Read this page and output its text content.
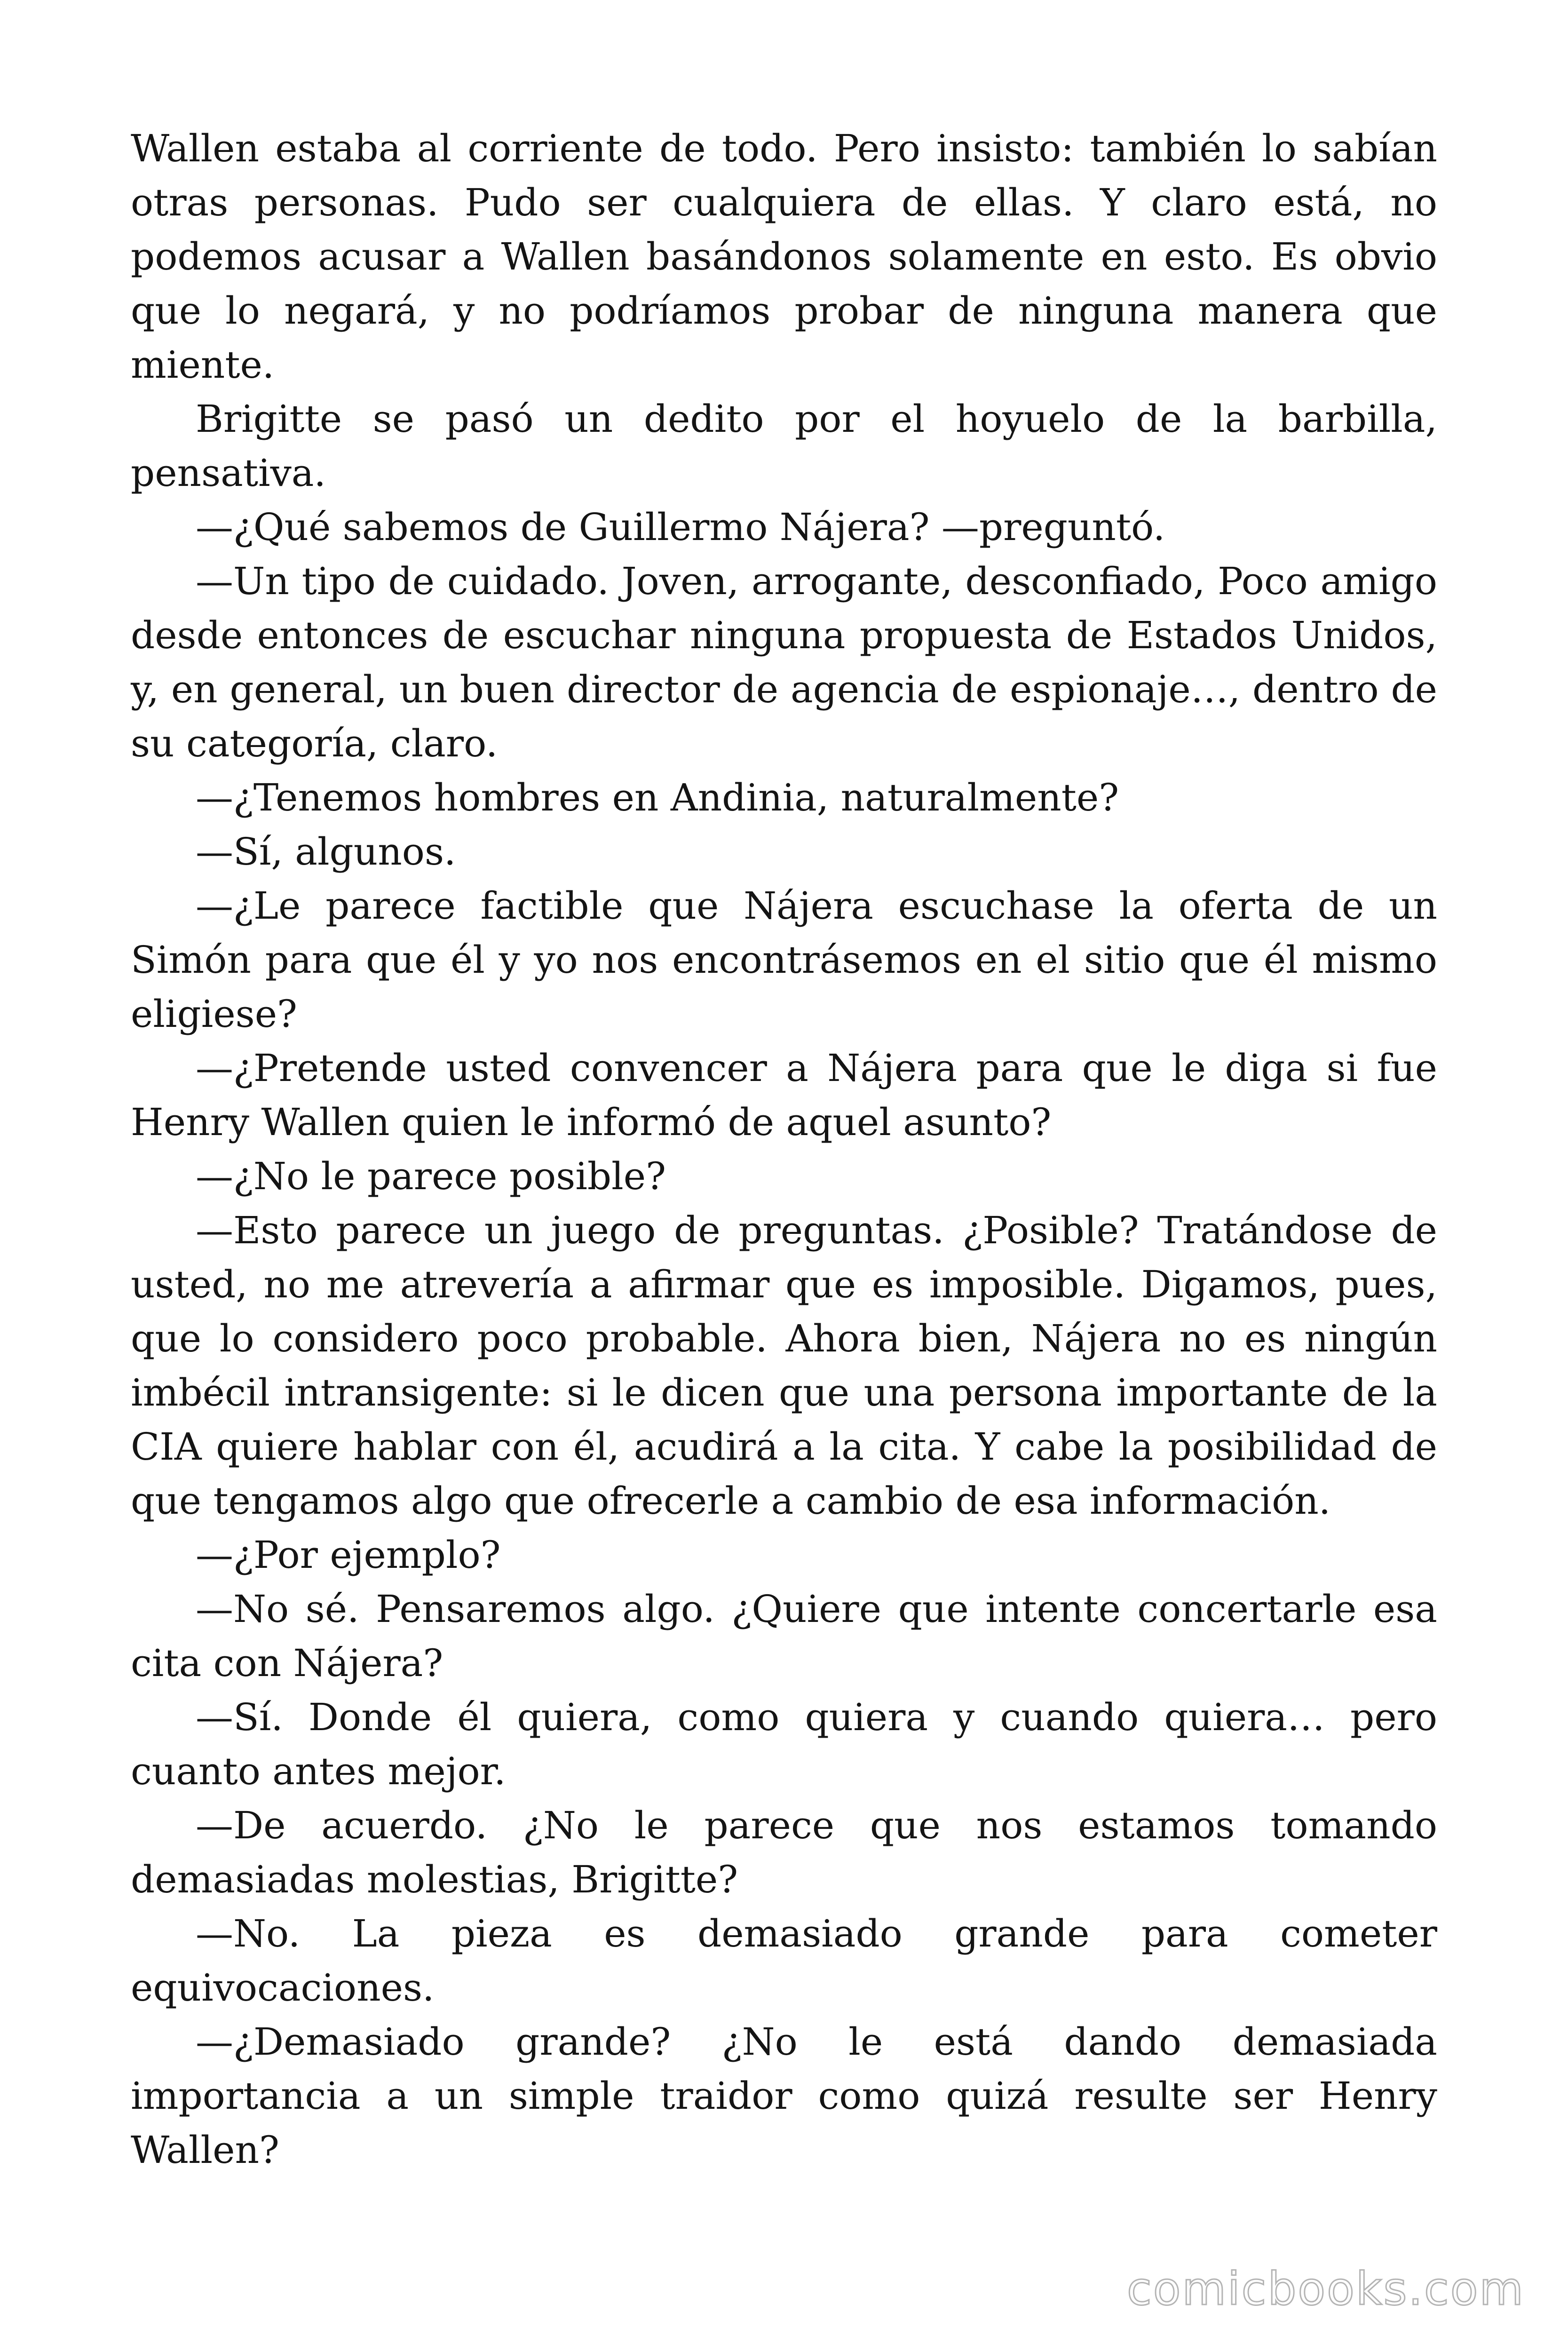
Wallen estaba al corriente de todo. Pero insisto: también lo sabían otras personas. Pudo ser cualquiera de ellas. Y claro está, no podemos acusar a Wallen basándonos solamente en esto. Es obvio que lo negará, y no podríamos probar de ninguna manera que miente.

Brigitte se pasó un dedito por el hoyuelo de la barbilla, pensativa.

—¿Qué sabemos de Guillermo Nájera? —preguntó.

—Un tipo de cuidado. Joven, arrogante, desconfiado, Poco amigo desde entonces de escuchar ninguna propuesta de Estados Unidos, y, en general, un buen director de agencia de espionaje…, dentro de su categoría, claro.

—¿Tenemos hombres en Andinia, naturalmente?

—Sí, algunos.

—¿Le parece factible que Nájera escuchase la oferta de un Simón para que él y yo nos encontrásemos en el sitio que él mismo eligiese?

—¿Pretende usted convencer a Nájera para que le diga si fue Henry Wallen quien le informó de aquel asunto?

—¿No le parece posible?

—Esto parece un juego de preguntas. ¿Posible? Tratándose de usted, no me atrevería a afirmar que es imposible. Digamos, pues, que lo considero poco probable. Ahora bien, Nájera no es ningún imbécil intransigente: si le dicen que una persona importante de la CIA quiere hablar con él, acudirá a la cita. Y cabe la posibilidad de que tengamos algo que ofrecerle a cambio de esa información.

—¿Por ejemplo?

—No sé. Pensaremos algo. ¿Quiere que intente concertarle esa cita con Nájera?

—Sí. Donde él quiera, como quiera y cuando quiera… pero cuanto antes mejor.

—De acuerdo. ¿No le parece que nos estamos tomando demasiadas molestias, Brigitte?

—No. La pieza es demasiado grande para cometer equivocaciones.

—¿Demasiado grande? ¿No le está dando demasiada importancia a un simple traidor como quizá resulte ser Henry Wallen?

comicbooks.com
